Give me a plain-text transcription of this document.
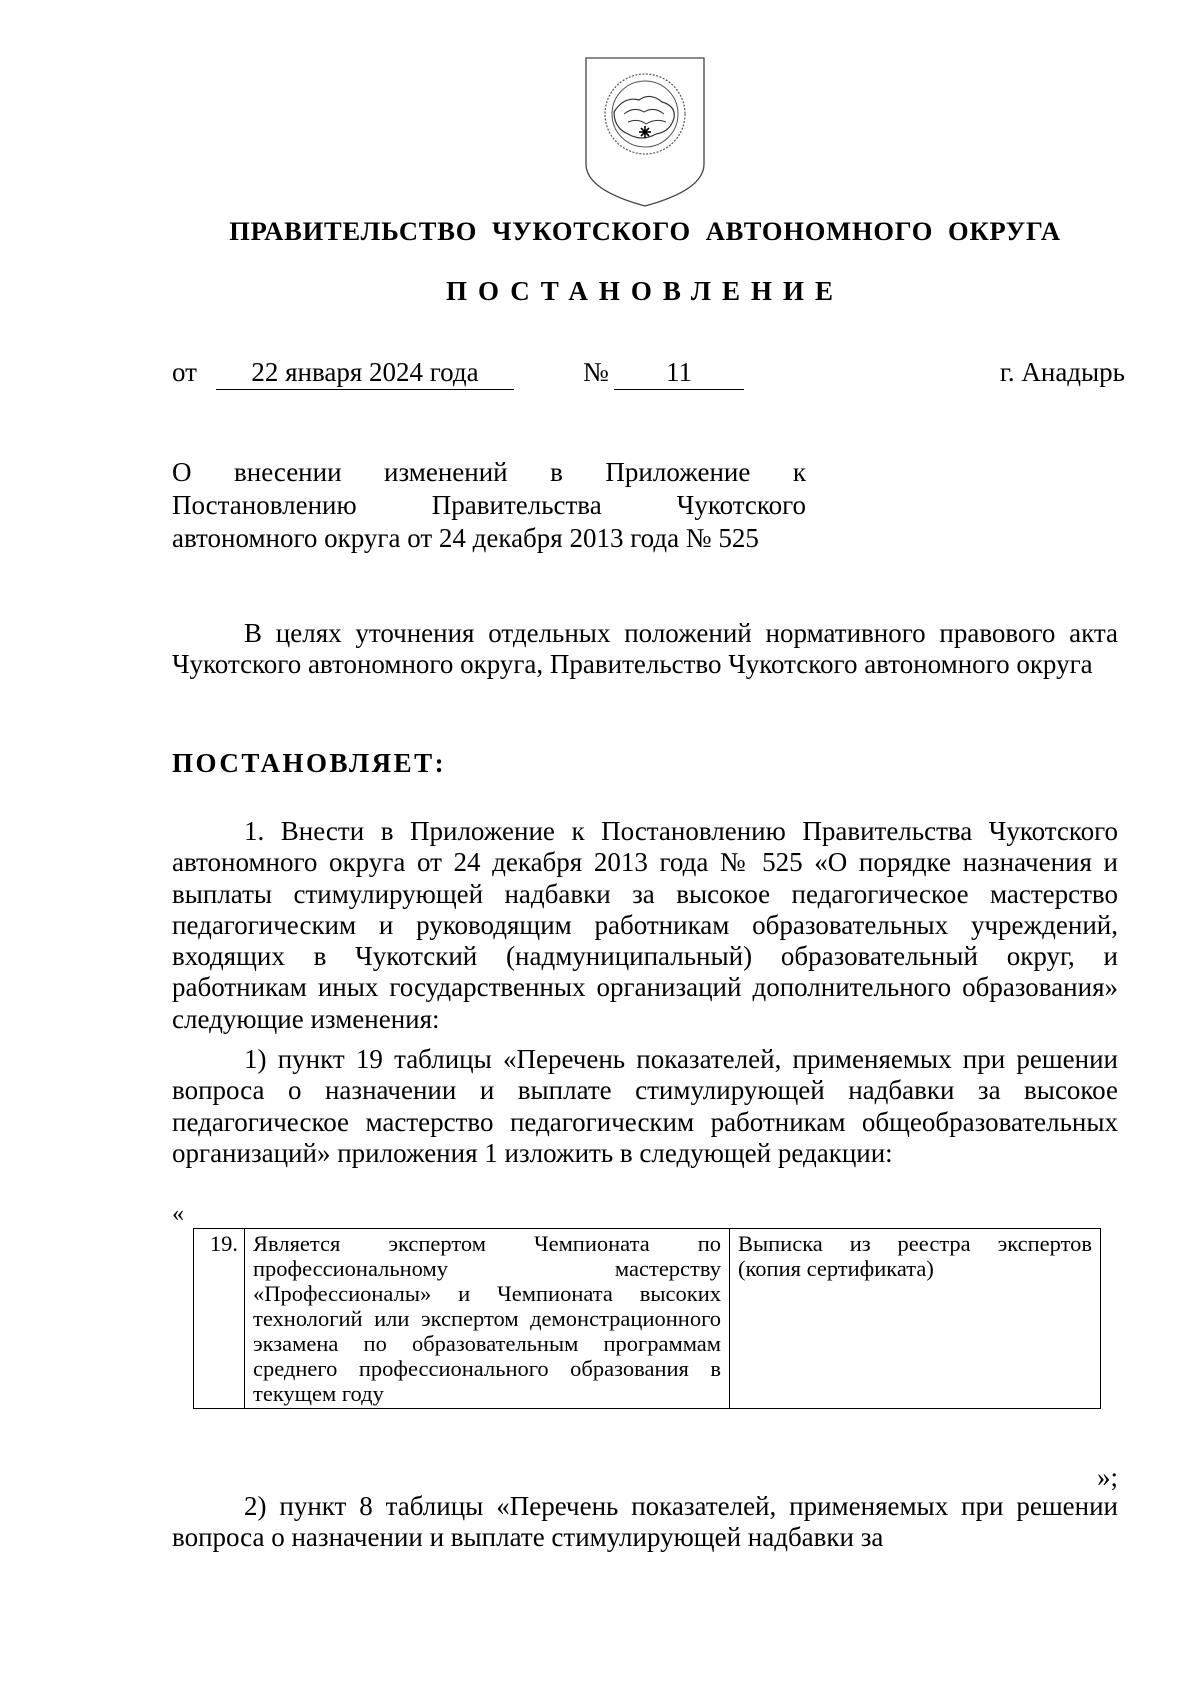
ПРАВИТЕЛЬСТВО  ЧУКОТСКОГО  АВТОНОМНОГО  ОКРУГА
ПОСТАНОВЛЕНИЕ
от	22 января 2024 года	№	11	г. Анадырь
О внесении изменений в Приложение к
Постановлению Правительства Чукотского
автономного округа от 24 декабря 2013 года № 525
В целях уточнения отдельных положений нормативного правового акта Чукотского автономного округа, Правительство Чукотского автономного округа
ПОСТАНОВЛЯЕТ:
1. Внести в Приложение к Постановлению Правительства Чукотского автономного округа от 24 декабря 2013 года № 525 «О порядке назначения и выплаты стимулирующей надбавки за высокое педагогическое мастерство педагогическим и руководящим работникам образовательных учреждений, входящих в Чукотский (надмуниципальный) образовательный округ, и работникам иных государственных организаций дополнительного образования» следующие изменения:
1) пункт 19 таблицы «Перечень показателей, применяемых при решении вопроса о назначении и выплате стимулирующей надбавки за высокое педагогическое мастерство педагогическим работникам общеобразовательных организаций» приложения 1 изложить в следующей редакции:
«
19.	Является экспертом Чемпионата по профессиональному мастерству «Профессионалы» и Чемпионата высоких технологий или экспертом демонстрационного экзамена по образовательным программам среднего профессионального образования в текущем году	Выписка из реестра экспертов (копия сертификата)
»;
2) пункт 8 таблицы «Перечень показателей, применяемых при решении вопроса о назначении и выплате стимулирующей надбавки за
